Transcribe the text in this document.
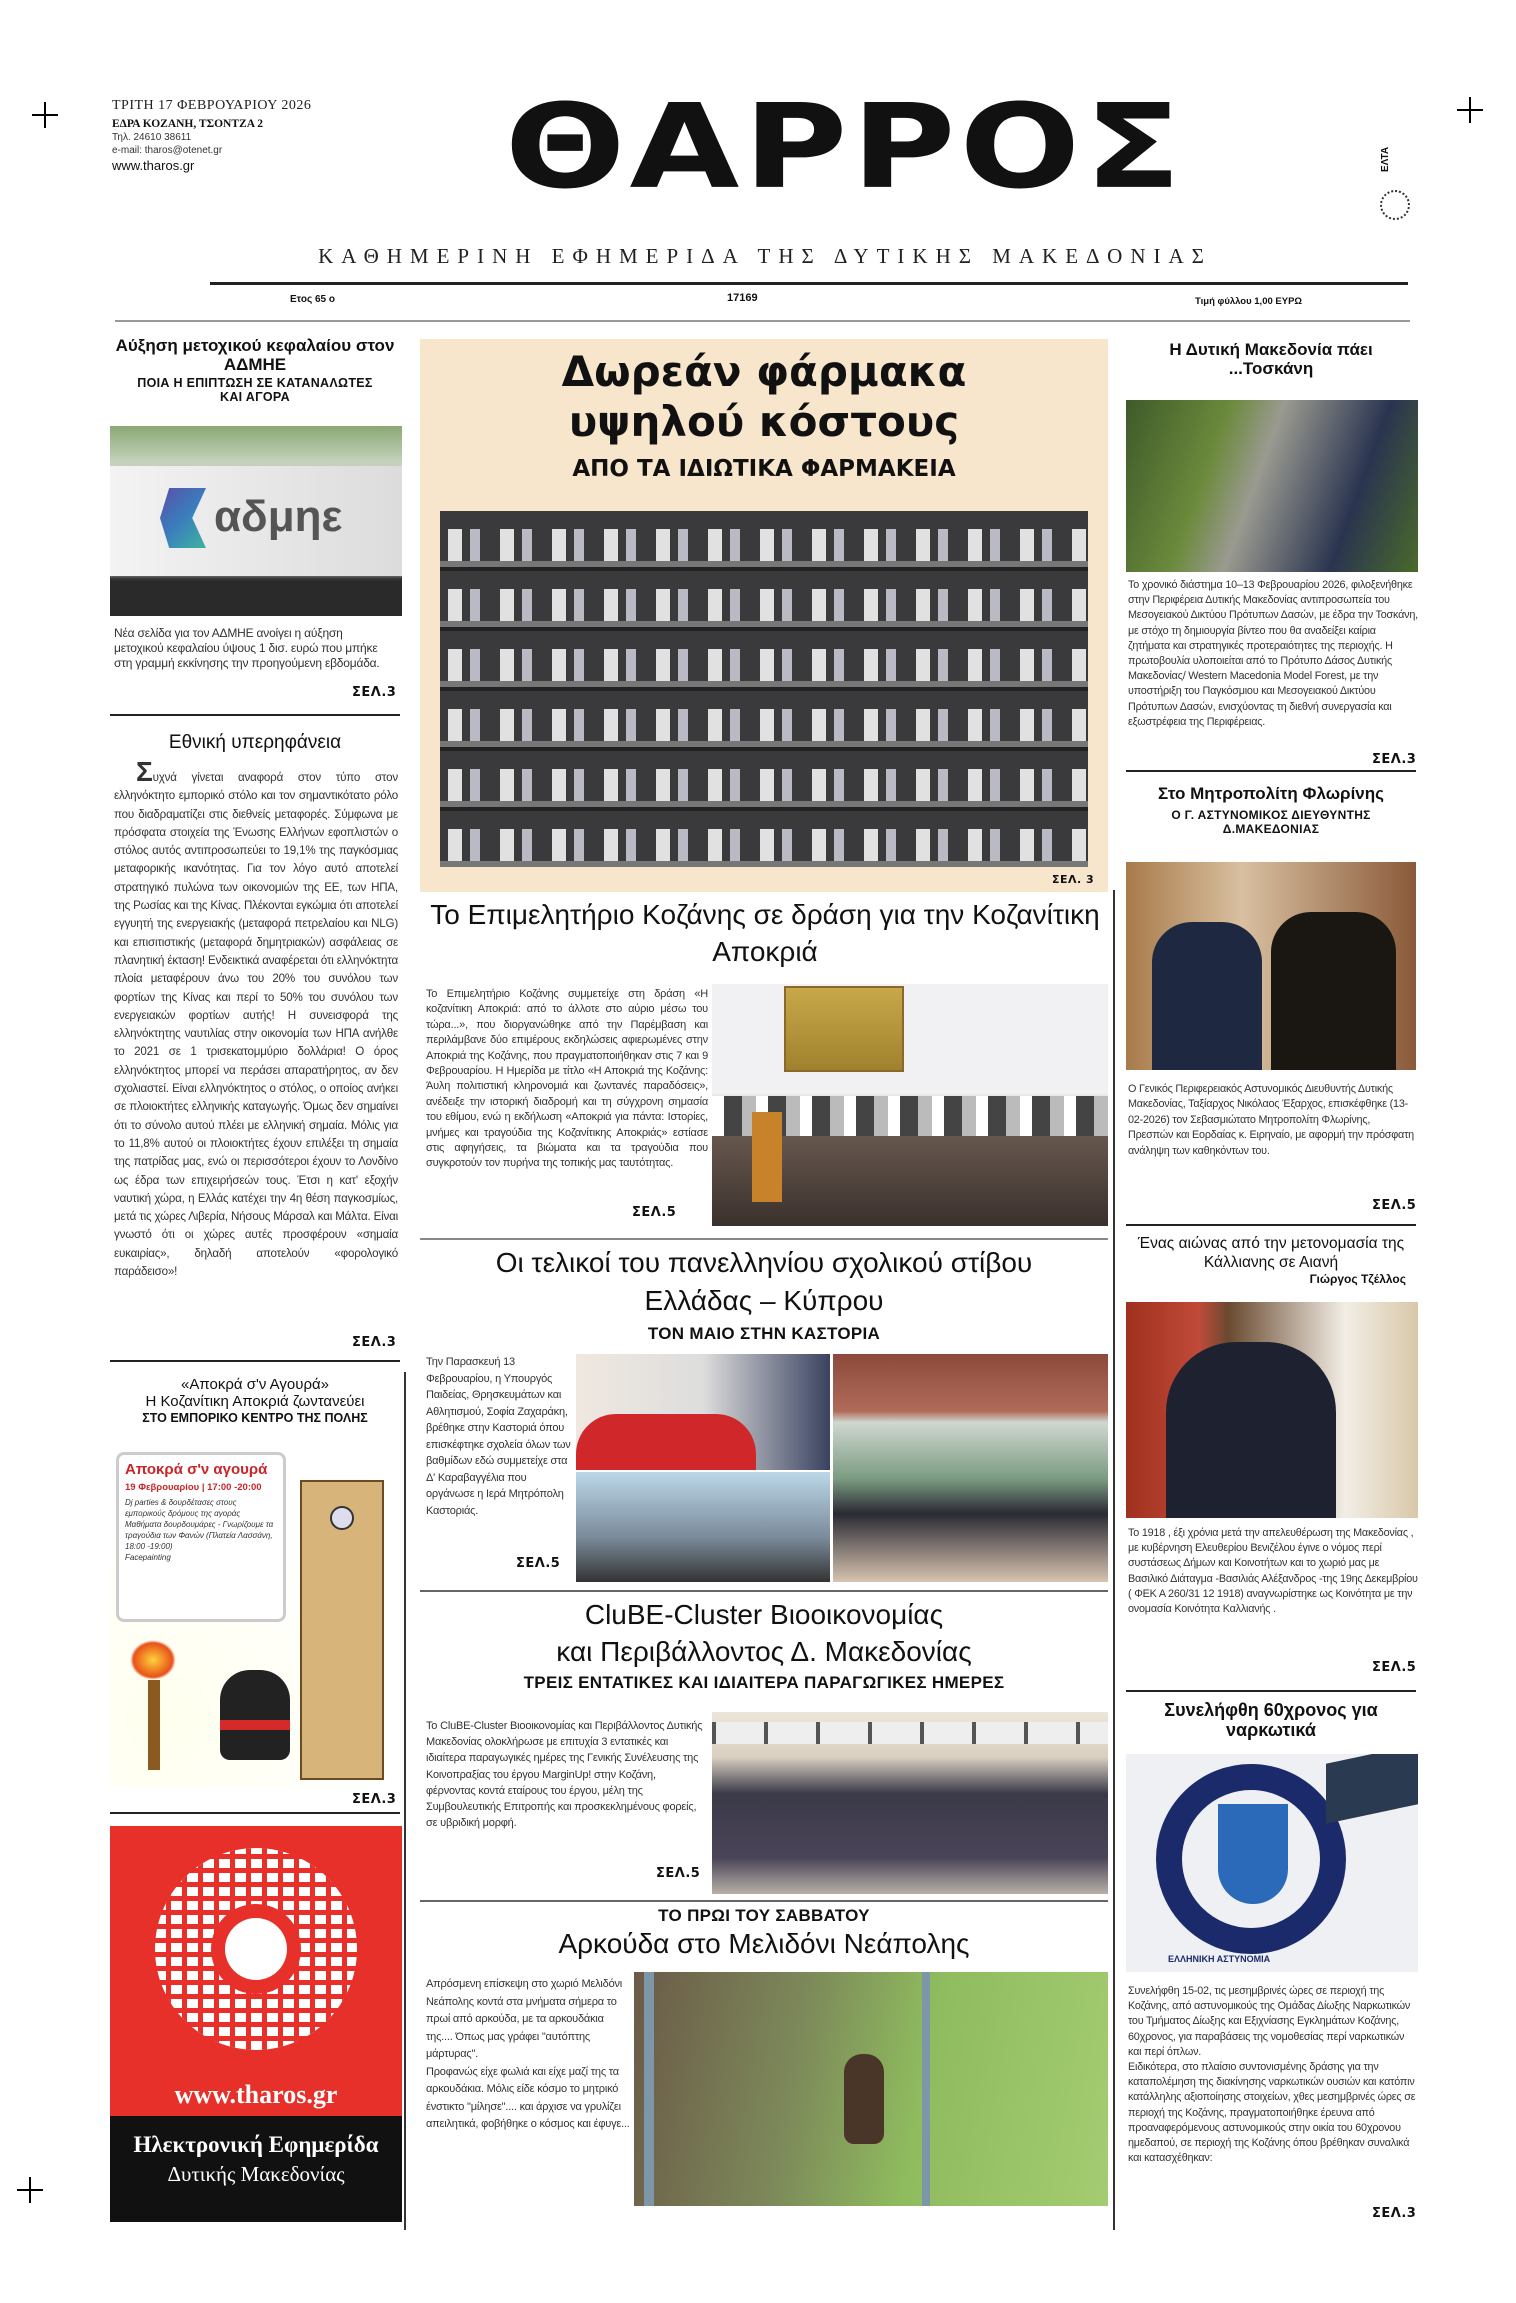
ΤΡΙΤΗ 17 ΦΕΒΡΟΥΑΡΙΟΥ 2026
ΕΔΡΑ ΚΟΖΑΝΗ, ΤΣΟΝΤΖΑ 2
Τηλ. 24610 38611
e-mail: tharos@otenet.gr
www.tharos.gr	ΘΑΡΡΟΣ	ΕΛΤΑ
ΚΑΘΗΜΕΡΙΝΗ ΕΦΗΜΕΡΙΔΑ ΤΗΣ ΔΥΤΙΚΗΣ ΜΑΚΕΔΟΝΙΑΣ
Ετος 65 ο	17169	Τιμή φύλλου 1,00 ΕΥΡΩ
Αύξηση μετοχικού κεφαλαίου στον ΑΔΜΗΕ
ΠΟΙΑ Η ΕΠΙΠΤΩΣΗ ΣΕ ΚΑΤΑΝΑΛΩΤΕΣ ΚΑΙ ΑΓΟΡΑ
αδμηε
Νέα σελίδα για τον ΑΔΜΗΕ ανοίγει η αύξηση μετοχικού κεφαλαίου ύψους 1 δισ. ευρώ που μπήκε στη γραμμή εκκίνησης την προηγούμενη εβδομάδα.
ΣΕΛ.3
Εθνική υπερηφάνεια
Συχνά γίνεται αναφορά στον τύπο στον ελληνόκτητο εμπορικό στόλο και τον σημαντικότατο ρόλο που διαδραματίζει στις διεθνείς μεταφορές. Σύμφωνα με πρόσφατα στοιχεία της Ένωσης Ελλήνων εφοπλιστών ο στόλος αυτός αντιπροσωπεύει το 19,1% της παγκόσμιας μεταφορικής ικανότητας. Για τον λόγο αυτό αποτελεί στρατηγικό πυλώνα των οικονομιών της ΕΕ, των ΗΠΑ, της Ρωσίας και της Κίνας. Πλέκονται εγκώμια ότι αποτελεί εγγυητή της ενεργειακής (μεταφορά πετρελαίου και NLG) και επισιτιστικής (μεταφορά δημητριακών) ασφάλειας σε πλανητική έκταση! Ενδεικτικά αναφέρεται ότι ελληνόκτητα πλοία μεταφέρουν άνω του 20% του συνόλου των φορτίων της Κίνας και περί το 50% του συνόλου των ενεργειακών φορτίων αυτής! Η συνεισφορά της ελληνόκτητης ναυτιλίας στην οικονομία των ΗΠΑ ανήλθε το 2021 σε 1 τρισεκατομμύριο δολλάρια! Ο όρος ελληνόκτητος μπορεί να περάσει απαρατήρητος, αν δεν σχολιαστεί. Είναι ελληνόκτητος ο στόλος, ο οποίος ανήκει σε πλοιοκτήτες ελληνικής καταγωγής. Όμως δεν σημαίνει ότι το σύνολο αυτού πλέει με ελληνική σημαία. Μόλις για το 11,8% αυτού οι πλοιοκτήτες έχουν επιλέξει τη σημαία της πατρίδας μας, ενώ οι περισσότεροι έχουν το Λονδίνο ως έδρα των επιχειρήσεών τους. Έτσι η κατ' εξοχήν ναυτική χώρα, η Ελλάς κατέχει την 4η θέση παγκοσμίως, μετά τις χώρες Λιβερία, Νήσους Μάρσαλ και Μάλτα. Είναι γνωστό ότι οι χώρες αυτές προσφέρουν «σημαία ευκαιρίας», δηλαδή αποτελούν «φορολογικό παράδεισο»!
ΣΕΛ.3
«Αποκρά σ'ν Αγουρά»
Η Κοζανίτικη Αποκριά ζωντανεύει
ΣΤΟ ΕΜΠΟΡΙΚΟ ΚΕΝΤΡΟ ΤΗΣ ΠΟΛΗΣ
Αποκρά σ'ν αγουρά
19 Φεβρουαρίου | 17:00 -20:00
Dj parties & δουρδέτασες στους εμπορικούς δρόμους της αγοράς
Μαθήματα δουρδουμάρες - Γνωρίζουμε τα τραγούδια των Φανών (Πλατεία Λασσάνη, 18:00 -19:00)
Facepainting
ΣΕΛ.3
www.tharos.gr
Ηλεκτρονική Εφημερίδα
Δυτικής Μακεδονίας
Δωρεάν φάρμακα
υψηλού κόστους
ΑΠΟ ΤΑ ΙΔΙΩΤΙΚΑ ΦΑΡΜΑΚΕΙΑ
ΣΕΛ. 3
Το Επιμελητήριο Κοζάνης σε δράση για την Κοζανίτικη Αποκριά
Το Επιμελητήριο Κοζάνης συμμετείχε στη δράση «Η κοζανίτικη Αποκριά: από το άλλοτε στο αύριο μέσω του τώρα...», που διοργανώθηκε από την Παρέμβαση και περιλάμβανε δύο επιμέρους εκδηλώσεις αφιερωμένες στην Αποκριά της Κοζάνης, που πραγματοποιήθηκαν στις 7 και 9 Φεβρουαρίου. Η Ημερίδα με τίτλο «Η Αποκριά της Κοζάνης: Άυλη πολιτιστική κληρονομιά και ζωντανές παραδόσεις», ανέδειξε την ιστορική διαδρομή και τη σύγχρονη σημασία του εθίμου, ενώ η εκδήλωση «Αποκριά για πάντα: Ιστορίες, μνήμες και τραγούδια της Κοζανίτικης Αποκριάς» εστίασε στις αφηγήσεις, τα βιώματα και τα τραγούδια που συγκροτούν τον πυρήνα της τοπικής μας ταυτότητας.
ΣΕΛ.5
Οι τελικοί του πανελληνίου σχολικού στίβου
Ελλάδας – Κύπρου
ΤΟΝ ΜΑΙΟ ΣΤΗΝ ΚΑΣΤΟΡΙΑ
Την Παρασκευή 13 Φεβρουαρίου, η Υπουργός Παιδείας, Θρησκευμάτων και Αθλητισμού, Σοφία Ζαχαράκη, βρέθηκε στην Καστοριά όπου επισκέφτηκε σχολεία όλων των βαθμίδων εδώ συμμετείχε στα Δ' Καραβαγγέλια που οργάνωσε η Ιερά Μητρόπολη Καστοριάς.
ΣΕΛ.5
CluBE-Cluster Βιοοικονομίας
και Περιβάλλοντος Δ. Μακεδονίας
ΤΡΕΙΣ ΕΝΤΑΤΙΚΕΣ ΚΑΙ ΙΔΙΑΙΤΕΡΑ ΠΑΡΑΓΩΓΙΚΕΣ ΗΜΕΡΕΣ
Το CluBE-Cluster Βιοοικονομίας και Περιβάλλοντος Δυτικής Μακεδονίας ολοκλήρωσε με επιτυχία 3 εντατικές και ιδιαίτερα παραγωγικές ημέρες της Γενικής Συνέλευσης της Κοινοπραξίας του έργου MarginUp! στην Κοζάνη, φέρνοντας κοντά εταίρους του έργου, μέλη της Συμβουλευτικής Επιτροπής και προσκεκλημένους φορείς, σε υβριδική μορφή.
ΣΕΛ.5
ΤΟ ΠΡΩΙ ΤΟΥ ΣΑΒΒΑΤΟΥ
Αρκούδα στο Μελιδόνι Νεάπολης
Απρόσμενη επίσκεψη στο χωριό Μελιδόνι Νεάπολης κοντά στα μνήματα σήμερα το πρωί από αρκούδα, με τα αρκουδάκια της.... Όπως μας γράφει "αυτόπτης μάρτυρας".
Προφανώς είχε φωλιά και είχε μαζί της τα αρκουδάκια. Μόλις είδε κόσμο το μητρικό ένστικτο "μίλησε".... και άρχισε να γρυλίζει απειλητικά, φοβήθηκε ο κόσμος και έφυγε...
Η Δυτική Μακεδονία πάει ...Τοσκάνη
Το χρονικό διάστημα 10–13 Φεβρουαρίου 2026, φιλοξενήθηκε στην Περιφέρεια Δυτικής Μακεδονίας αντιπροσωπεία του Μεσογειακού Δικτύου Πρότυπων Δασών, με έδρα την Τοσκάνη, με στόχο τη δημιουργία βίντεο που θα αναδείξει καίρια ζητήματα και στρατηγικές προτεραιότητες της περιοχής. Η πρωτοβουλία υλοποιείται από το Πρότυπο Δάσος Δυτικής Μακεδονίας/ Western Macedonia Model Forest, με την υποστήριξη του Παγκόσμιου και Μεσογειακού Δικτύου Πρότυπων Δασών, ενισχύοντας τη διεθνή συνεργασία και εξωστρέφεια της Περιφέρειας.
ΣΕΛ.3
Στο Μητροπολίτη Φλωρίνης
Ο Γ. ΑΣΤΥΝΟΜΙΚΟΣ ΔΙΕΥΘΥΝΤΗΣ Δ.ΜΑΚΕΔΟΝΙΑΣ
Ο Γενικός Περιφερειακός Αστυνομικός Διευθυντής Δυτικής Μακεδονίας, Ταξίαρχος Νικόλαος Έξαρχος, επισκέφθηκε (13-02-2026) τον Σεβασμιώτατο Μητροπολίτη Φλωρίνης, Πρεσπών και Εορδαίας κ. Ειρηναίο, με αφορμή την πρόσφατη ανάληψη των καθηκόντων του.
ΣΕΛ.5
Ένας αιώνας από την μετονομασία της Κάλλιανης σε Αιανή
Γιώργος Τζέλλος
Το 1918 , έξι χρόνια μετά την απελευθέρωση της Μακεδονίας , με κυβέρνηση Ελευθερίου Βενιζέλου έγινε ο νόμος περί συστάσεως Δήμων και Κοινοτήτων και το χωριό μας με Βασιλικό Διάταγμα -Βασιλιάς Αλέξανδρος -της 19ης Δεκεμβρίου ( ΦΕΚ Α 260/31 12 1918) αναγνωρίστηκε ως Κοινότητα με την ονομασία Κοινότητα Καλλιανής .
ΣΕΛ.5
Συνελήφθη 60χρονος για ναρκωτικά
ΕΛΛΗΝΙΚΗ ΑΣΤΥΝΟΜΙΑ
Συνελήφθη 15-02, τις μεσημβρινές ώρες σε περιοχή της Κοζάνης, από αστυνομικούς της Ομάδας Δίωξης Ναρκωτικών του Τμήματος Δίωξης και Εξιχνίασης Εγκλημάτων Κοζάνης, 60χρονος, για παραβάσεις της νομοθεσίας περί ναρκωτικών και περί όπλων.
Ειδικότερα, στο πλαίσιο συντονισμένης δράσης για την καταπολέμηση της διακίνησης ναρκωτικών ουσιών και κατόπιν κατάλληλης αξιοποίησης στοιχείων, χθες μεσημβρινές ώρες σε περιοχή της Κοζάνης, πραγματοποιήθηκε έρευνα από προαναφερόμενους αστυνομικούς στην οικία του 60χρονου ημεδαπού, σε περιοχή της Κοζάνης όπου βρέθηκαν συναλικά και κατασχέθηκαν:
ΣΕΛ.3
